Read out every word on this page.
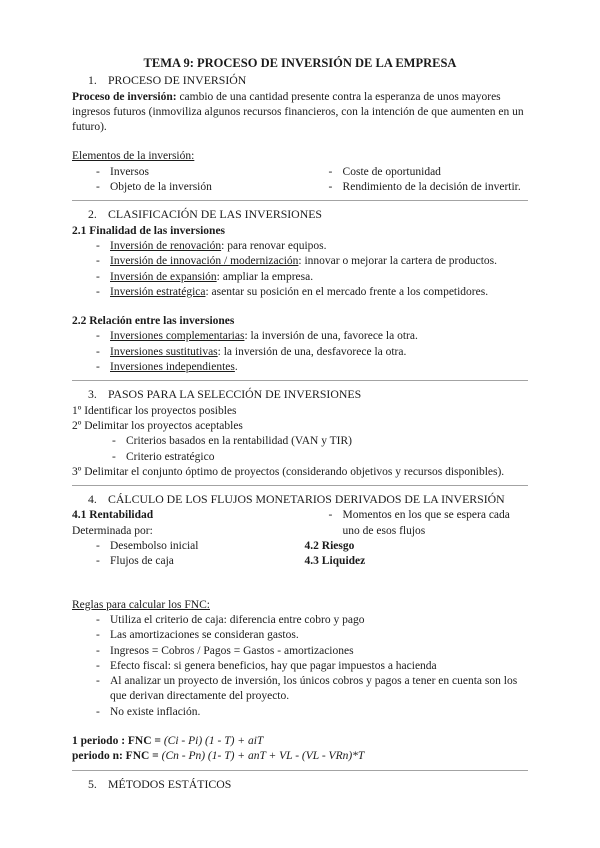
TEMA 9: PROCESO DE INVERSIÓN DE LA EMPRESA
1. PROCESO DE INVERSIÓN
Proceso de inversión: cambio de una cantidad presente contra la esperanza de unos mayores ingresos futuros (inmoviliza algunos recursos financieros, con la intención de que aumenten en un futuro).
Elementos de la inversión:
- Inversos
- Objeto de la inversión
- Coste de oportunidad
- Rendimiento de la decisión de invertir.
2. CLASIFICACIÓN DE LAS INVERSIONES
2.1 Finalidad de las inversiones
- Inversión de renovación: para renovar equipos.
- Inversión de innovación / modernización: innovar o mejorar la cartera de productos.
- Inversión de expansión: ampliar la empresa.
- Inversión estratégica: asentar su posición en el mercado frente a los competidores.
2.2 Relación entre las inversiones
- Inversiones complementarias: la inversión de una, favorece la otra.
- Inversiones sustitutivas: la inversión de una, desfavorece la otra.
- Inversiones independientes.
3. PASOS PARA LA SELECCIÓN DE INVERSIONES
1º Identificar los proyectos posibles
2º Delimitar los proyectos aceptables
- Criterios basados en la rentabilidad (VAN y TIR)
- Criterio estratégico
3º Delimitar el conjunto óptimo de proyectos (considerando objetivos y recursos disponibles).
4. CÁLCULO DE LOS FLUJOS MONETARIOS DERIVADOS DE LA INVERSIÓN
4.1 Rentabilidad
Determinada por:
- Desembolso inicial
- Flujos de caja
- Momentos en los que se espera cada uno de esos flujos
4.2 Riesgo
4.3 Liquidez
Reglas para calcular los FNC:
- Utiliza el criterio de caja: diferencia entre cobro y pago
- Las amortizaciones se consideran gastos.
- Ingresos = Cobros / Pagos = Gastos - amortizaciones
- Efecto fiscal: si genera beneficios, hay que pagar impuestos a hacienda
- Al analizar un proyecto de inversión, los únicos cobros y pagos a tener en cuenta son los que derivan directamente del proyecto.
- No existe inflación.
1 periodo : FNC = (Ci - Pi) (1 - T) + aiT
periodo n: FNC = (Cn - Pn) (1- T) + anT + VL - (VL - VRn)*T
5. MÉTODOS ESTÁTICOS
